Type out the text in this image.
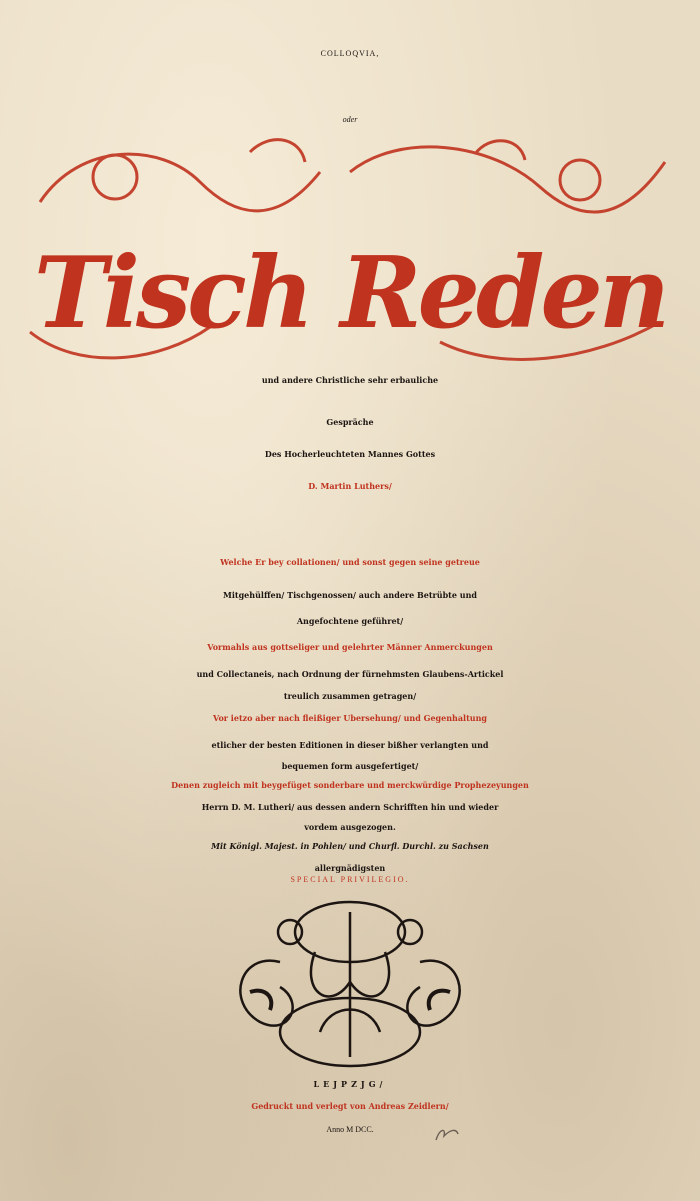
COLLOQVIA,
oder
Tisch Reden
und andere Christliche sehr erbauliche
Gespräche
Des Hocherleuchteten Mannes Gottes
D. Martin Luthers/
Welche Er bey collationen/ und sonst gegen seine getreue
Mitgehülffen/ Tischgenossen/ auch andere Betrübte und
Angefochtene geführet/
Vormahls aus gottseliger und gelehrter Männer Anmerckungen
und Collectaneis, nach Ordnung der fürnehmsten Glaubens-Artickel
treulich zusammen getragen/
Vor ietzo aber nach fleißiger Ubersehung/ und Gegenhaltung
etlicher der besten Editionen in dieser bißher verlangten und
bequemen form ausgefertiget/
Denen zugleich mit beygefüget sonderbare und merckwürdige Prophezeyungen
Herrn D. M. Lutheri/ aus dessen andern Schrifften hin und wieder
vordem ausgezogen.
Mit Königl. Majest. in Pohlen/ und Churfl. Durchl. zu Sachsen
allergnädigsten
SPECIAL PRIVILEGIO.
LEJPZJG/
Gedruckt und verlegt von Andreas Zeidlern/
Anno M DCC.
